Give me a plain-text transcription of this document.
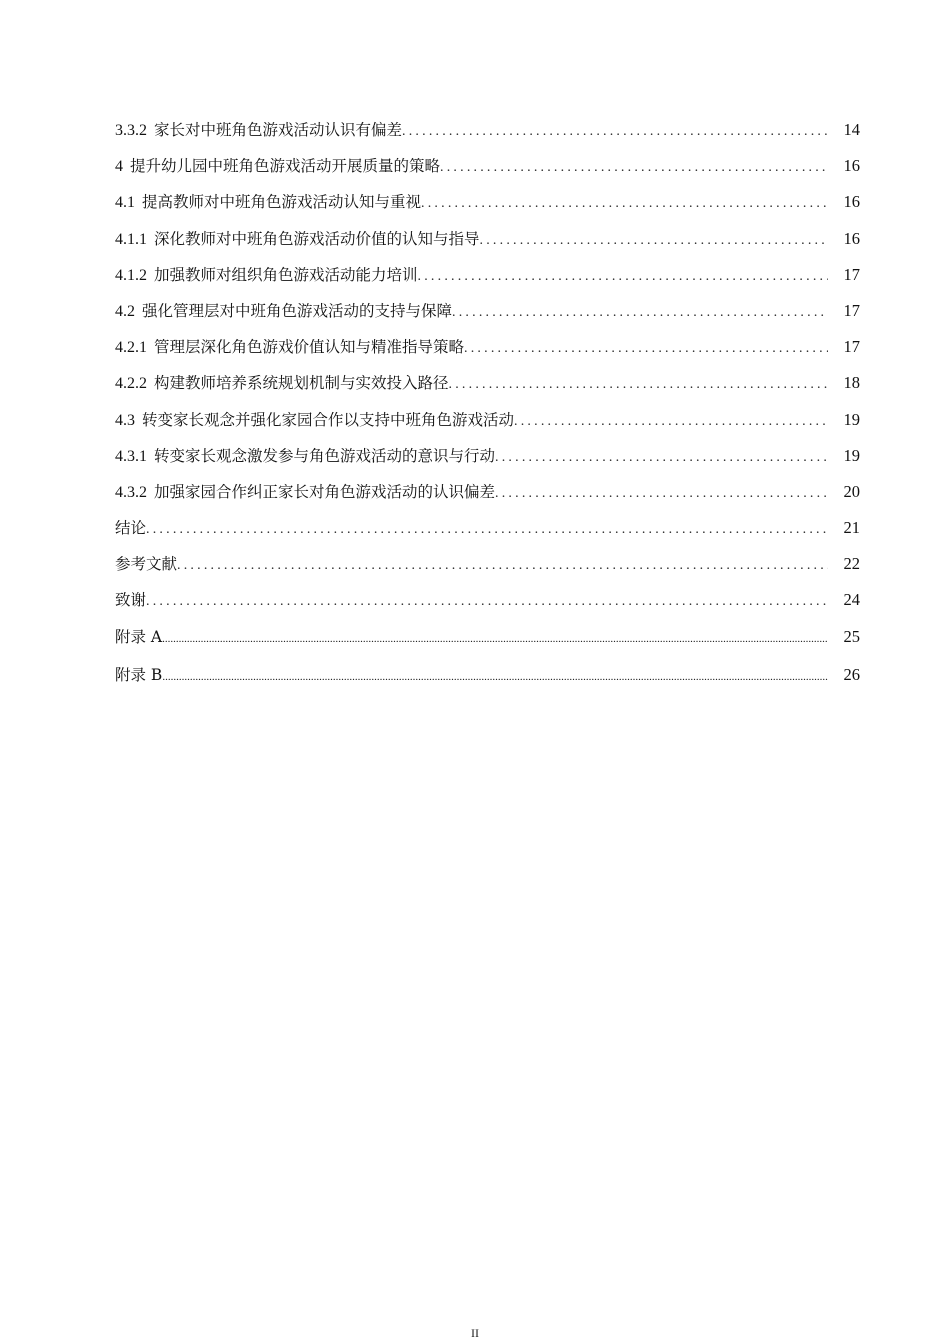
3.3.2 家长对中班角色游戏活动认识有偏差 .....	14
4 提升幼儿园中班角色游戏活动开展质量的策略 .....	16
4.1 提高教师对中班角色游戏活动认知与重视 .....	16
4.1.1 深化教师对中班角色游戏活动价值的认知与指导 .....	16
4.1.2 加强教师对组织角色游戏活动能力培训 .....	17
4.2 强化管理层对中班角色游戏活动的支持与保障 .....	17
4.2.1 管理层深化角色游戏价值认知与精准指导策略 .....	17
4.2.2 构建教师培养系统规划机制与实效投入路径 .....	18
4.3 转变家长观念并强化家园合作以支持中班角色游戏活动 .....	19
4.3.1 转变家长观念激发参与角色游戏活动的意识与行动 .....	19
4.3.2 加强家园合作纠正家长对角色游戏活动的认识偏差 .....	20
结论 .....	21
参考文献 .....	22
致谢 .....	24
附录 A .....	25
附录 B .....	26
II
